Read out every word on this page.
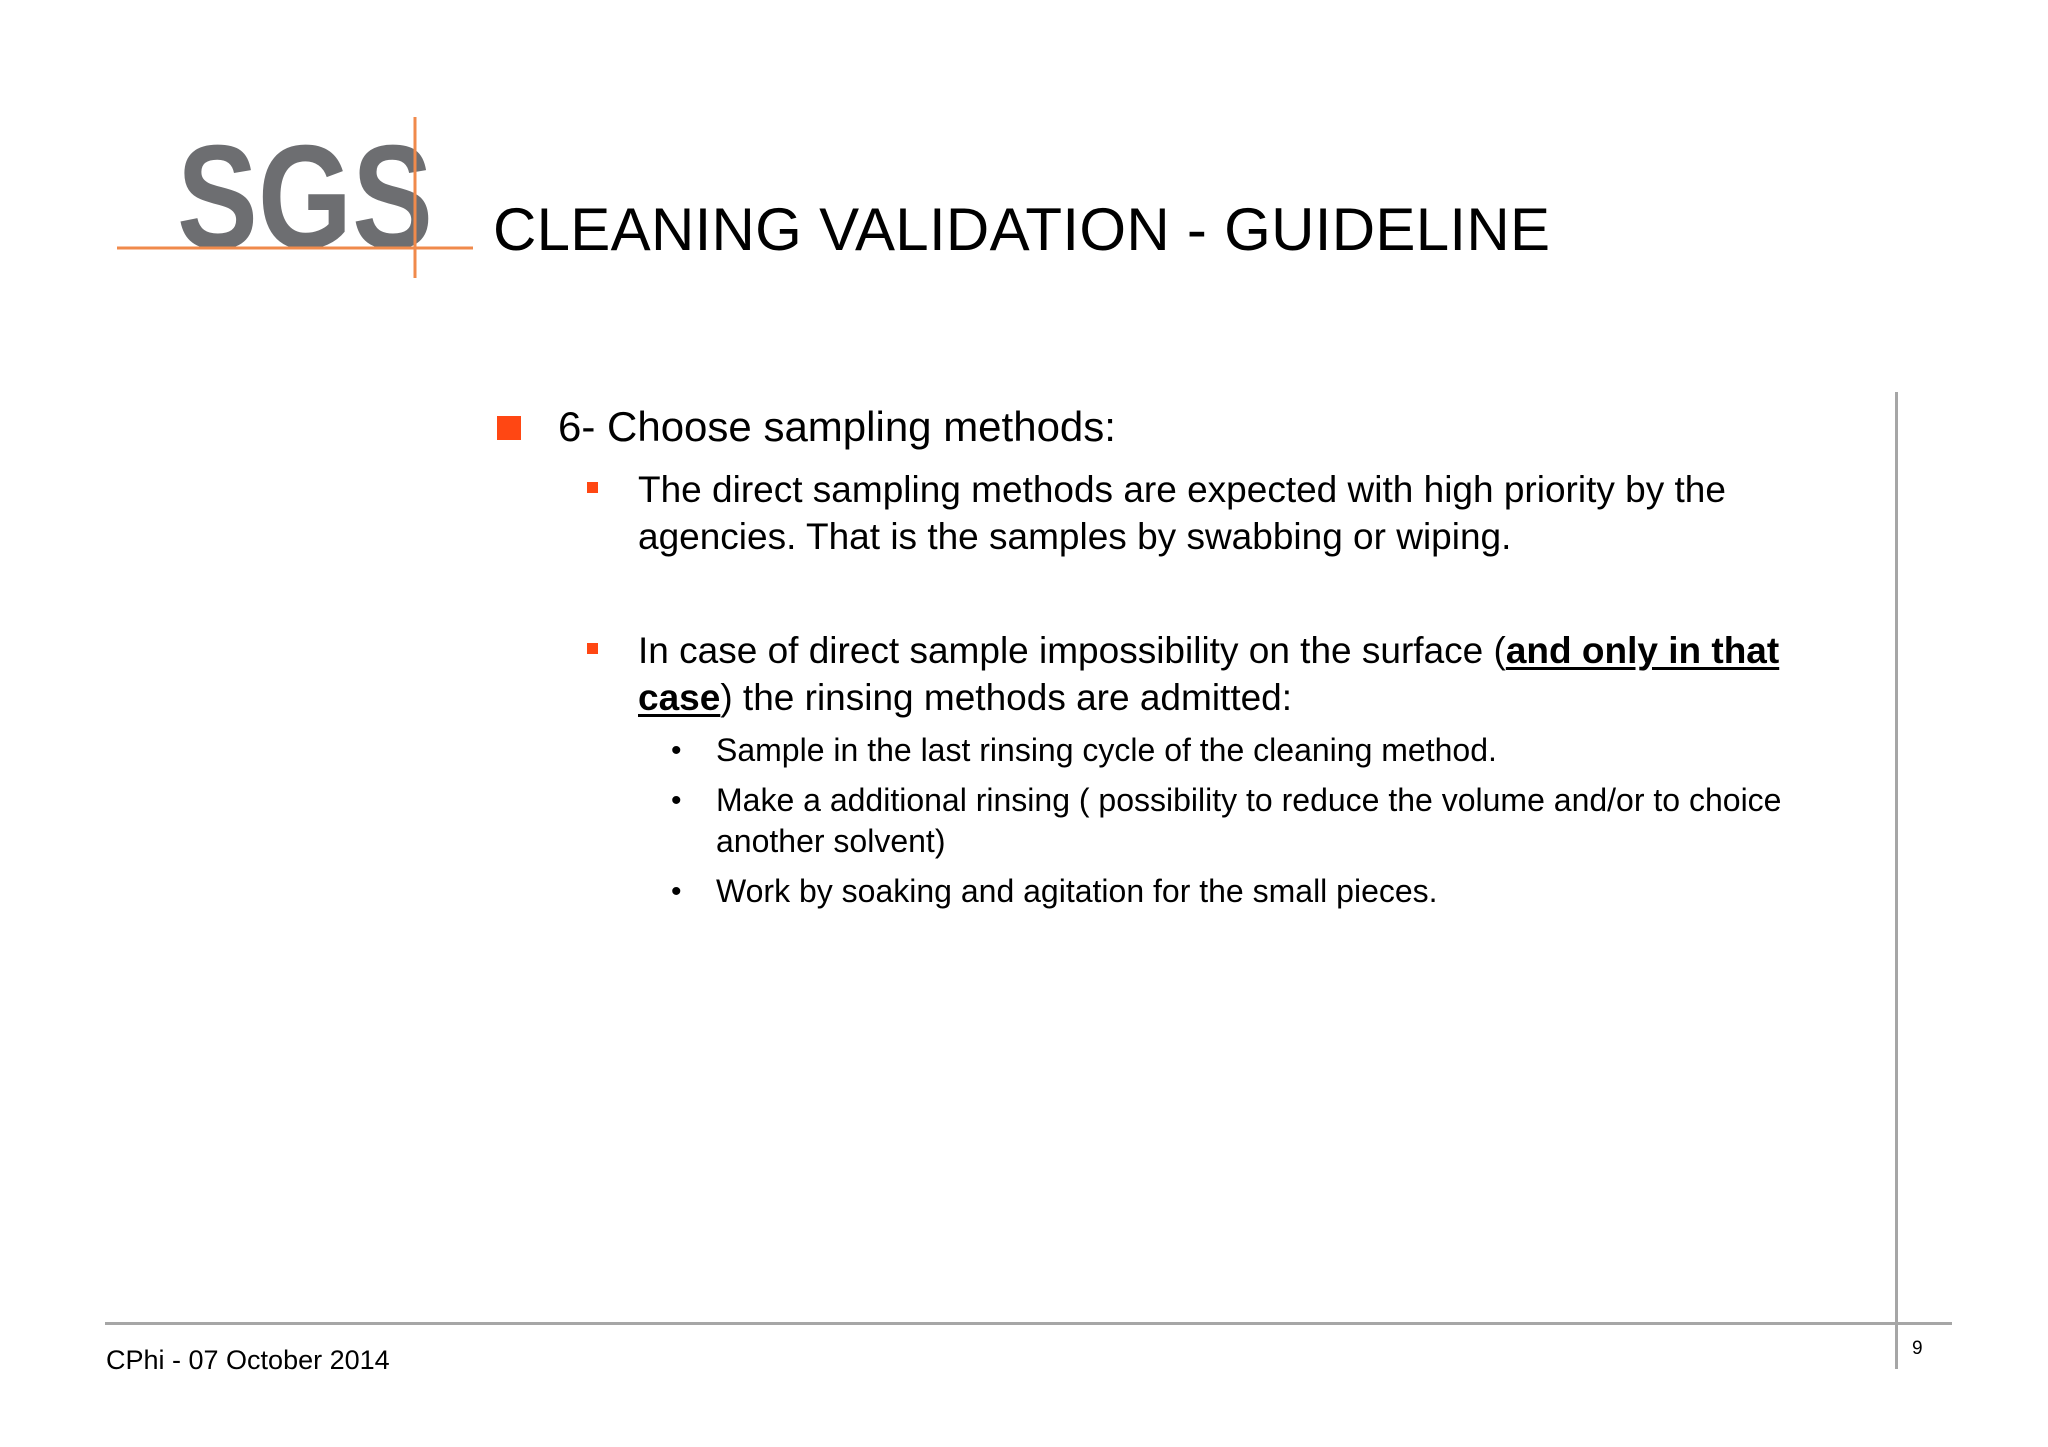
SGS CLEANING VALIDATION - GUIDELINE
6- Choose sampling methods:
The direct sampling methods are expected with high priority by the agencies. That is the samples by swabbing or wiping.
In case of direct sample impossibility on the surface (and only in that case) the rinsing methods are admitted:
• Sample in the last rinsing cycle of the cleaning method.
• Make a additional rinsing ( possibility to reduce the volume and/or to choice another solvent)
• Work by soaking and agitation for the small pieces.
CPhi - 07 October 2014	9
